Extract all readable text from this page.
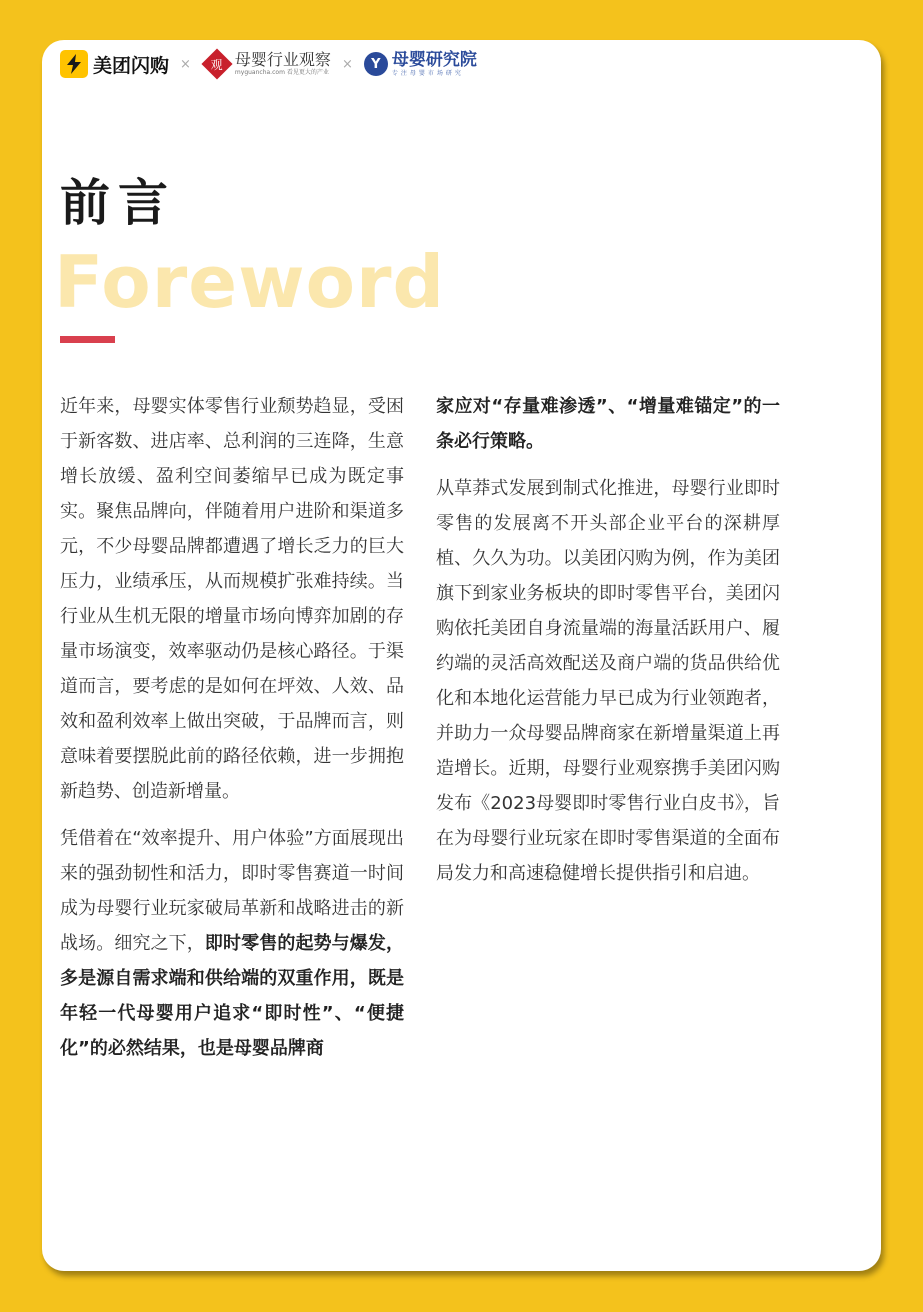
美团闪购 × 观 母婴行业观察
myguancha.com 看见更大的产业
×	Y 母婴研究院
专注母婴市场研究
前言
Foreword

近年来，母婴实体零售行业颓势趋显，受困于新客数、进店率、总利润的三连降，生意增长放缓、盈利空间萎缩早已成为既定事实。聚焦品牌向，伴随着用户进阶和渠道多元，不少母婴品牌都遭遇了增长乏力的巨大压力，业绩承压，从而规模扩张难持续。当行业从生机无限的增量市场向博弈加剧的存量市场演变，效率驱动仍是核心路径。于渠道而言，要考虑的是如何在坪效、人效、品效和盈利效率上做出突破，于品牌而言，则意味着要摆脱此前的路径依赖，进一步拥抱新趋势、创造新增量。

凭借着在“效率提升、用户体验”方面展现出来的强劲韧性和活力，即时零售赛道一时间成为母婴行业玩家破局革新和战略进击的新战场。细究之下，即时零售的起势与爆发，多是源自需求端和供给端的双重作用，既是年轻一代母婴用户追求“即时性”、“便捷化”的必然结果，也是母婴品牌商

家应对“存量难渗透”、“增量难锚定”的一条必行策略。

从草莽式发展到制式化推进，母婴行业即时零售的发展离不开头部企业平台的深耕厚植、久久为功。以美团闪购为例，作为美团旗下到家业务板块的即时零售平台，美团闪购依托美团自身流量端的海量活跃用户、履约端的灵活高效配送及商户端的货品供给优化和本地化运营能力早已成为行业领跑者，并助力一众母婴品牌商家在新增量渠道上再造增长。近期，母婴行业观察携手美团闪购发布《2023母婴即时零售行业白皮书》，旨在为母婴行业玩家在即时零售渠道的全面布局发力和高速稳健增长提供指引和启迪。
